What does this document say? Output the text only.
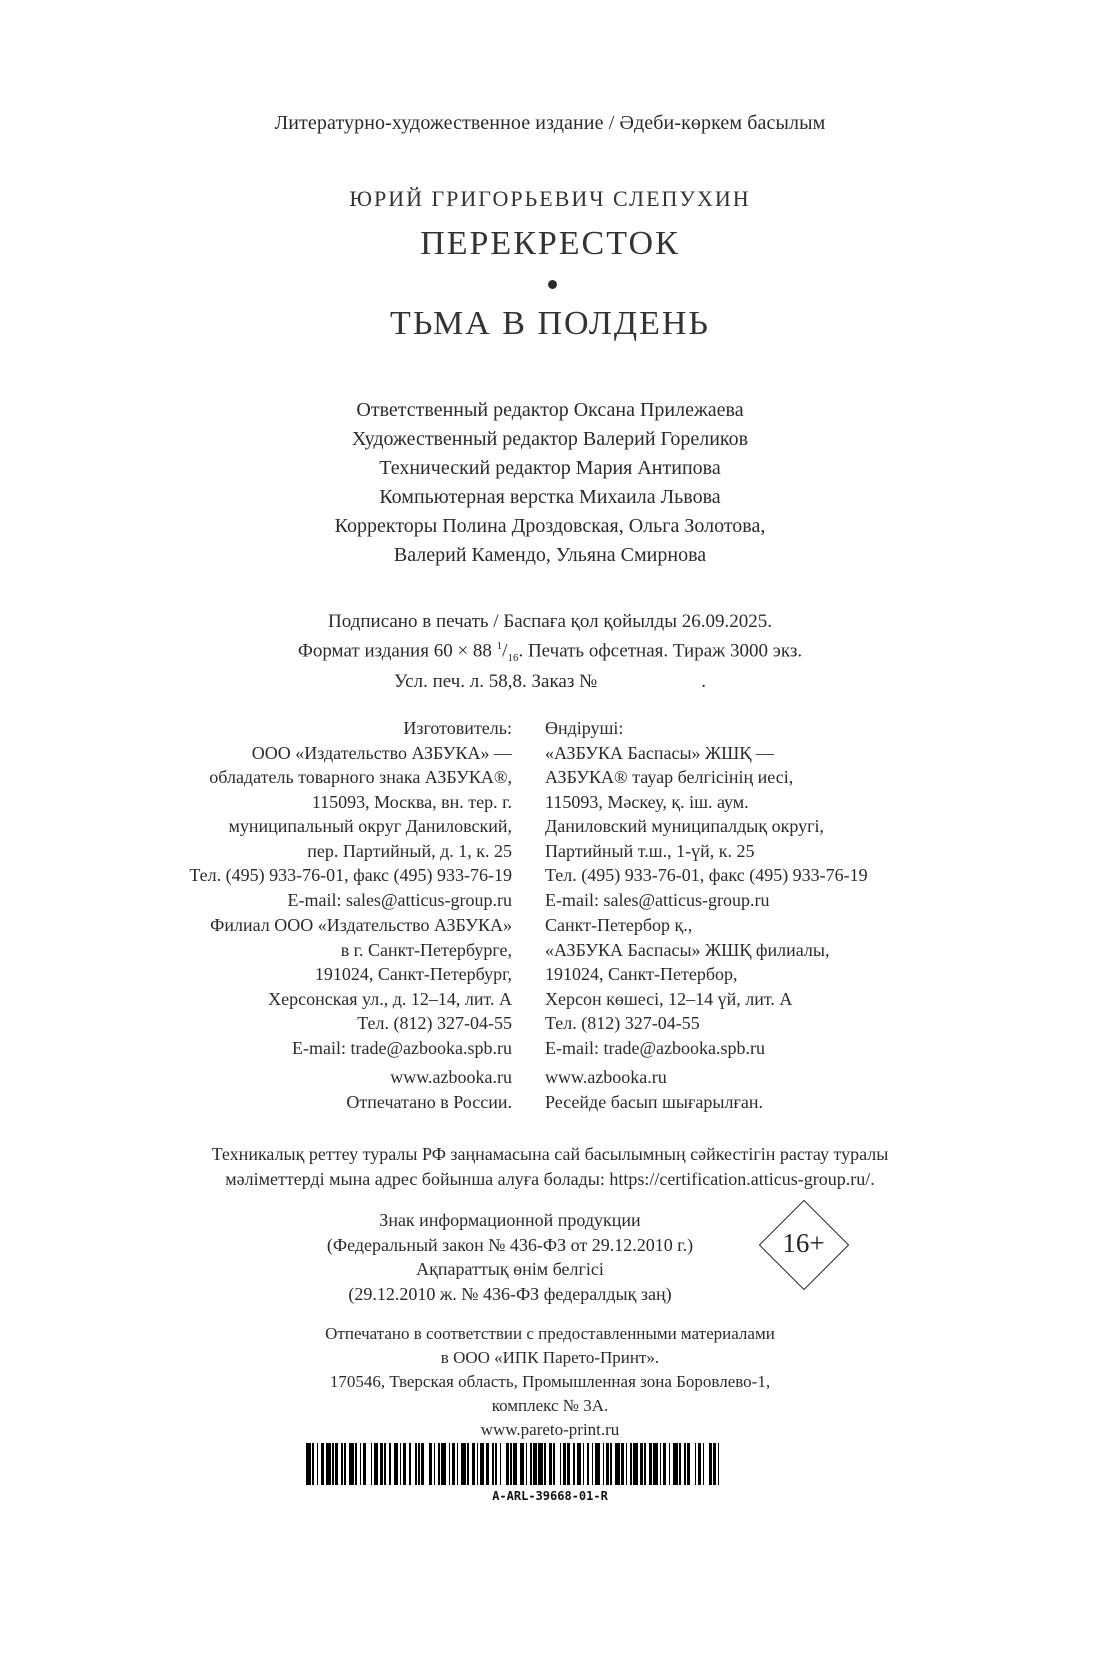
Литературно-художественное издание / Әдеби-көркем басылым
ЮРИЙ ГРИГОРЬЕВИЧ СЛЕПУХИН
ПЕРЕКРЕСТОК
ТЬМА В ПОЛДЕНЬ
Ответственный редактор Оксана Прилежаева
Художественный редактор Валерий Гореликов
Технический редактор Мария Антипова
Компьютерная верстка Михаила Львова
Корректоры Полина Дроздовская, Ольга Золотова,
Валерий Камендо, Ульяна Смирнова
Подписано в печать / Баспаға қол қойылды 26.09.2025.
Формат издания 60 × 88 $^1/_{16}$. Печать офсетная. Тираж 3000 экз.
Усл. печ. л. 58,8. Заказ №	.
Изготовитель:
ООО «Издательство АЗБУКА» —
обладатель товарного знака АЗБУКА®,
115093, Москва, вн. тер. г.
муниципальный округ Даниловский,
пер. Партийный, д. 1, к. 25
Тел. (495) 933-76-01, факс (495) 933-76-19
E-mail: sales@atticus-group.ru
Өндіруші:
«АЗБУКА Баспасы» ЖШҚ —
АЗБУКА® тауар белгісінің иесі,
115093, Мәскеу, қ. іш. аум.
Даниловский муниципалдық округі,
Партийный т.ш., 1-үй, к. 25
Тел. (495) 933-76-01, факс (495) 933-76-19
E-mail: sales@atticus-group.ru
Филиал ООО «Издательство АЗБУКА»
в г. Санкт-Петербурге,
191024, Санкт-Петербург,
Херсонская ул., д. 12–14, лит. А
Тел. (812) 327-04-55
E-mail: trade@azbooka.spb.ru
Санкт-Петербор қ.,
«АЗБУКА Баспасы» ЖШҚ филиалы,
191024, Санкт-Петербор,
Херсон көшесі, 12–14 үй, лит. А
Тел. (812) 327-04-55
E-mail: trade@azbooka.spb.ru
www.azbooka.ru
Отпечатано в России.
www.azbooka.ru
Ресейде басып шығарылған.
Техникалық реттеу туралы РФ заңнамасына сай басылымның сәйкестігін растау туралы
мәліметтерді мына адрес бойынша алуға болады: https://certification.atticus-group.ru/.
Знак информационной продукции
(Федеральный закон № 436-ФЗ от 29.12.2010 г.)
Ақпараттық өнім белгісі
(29.12.2010 ж. № 436-ФЗ федералдық заң)
16+
Отпечатано в соответствии с предоставленными материалами
в ООО «ИПК Парето-Принт».
170546, Тверская область, Промышленная зона Боровлево-1,
комплекс № 3А.
www.pareto-print.ru
A-ARL-39668-01-R
